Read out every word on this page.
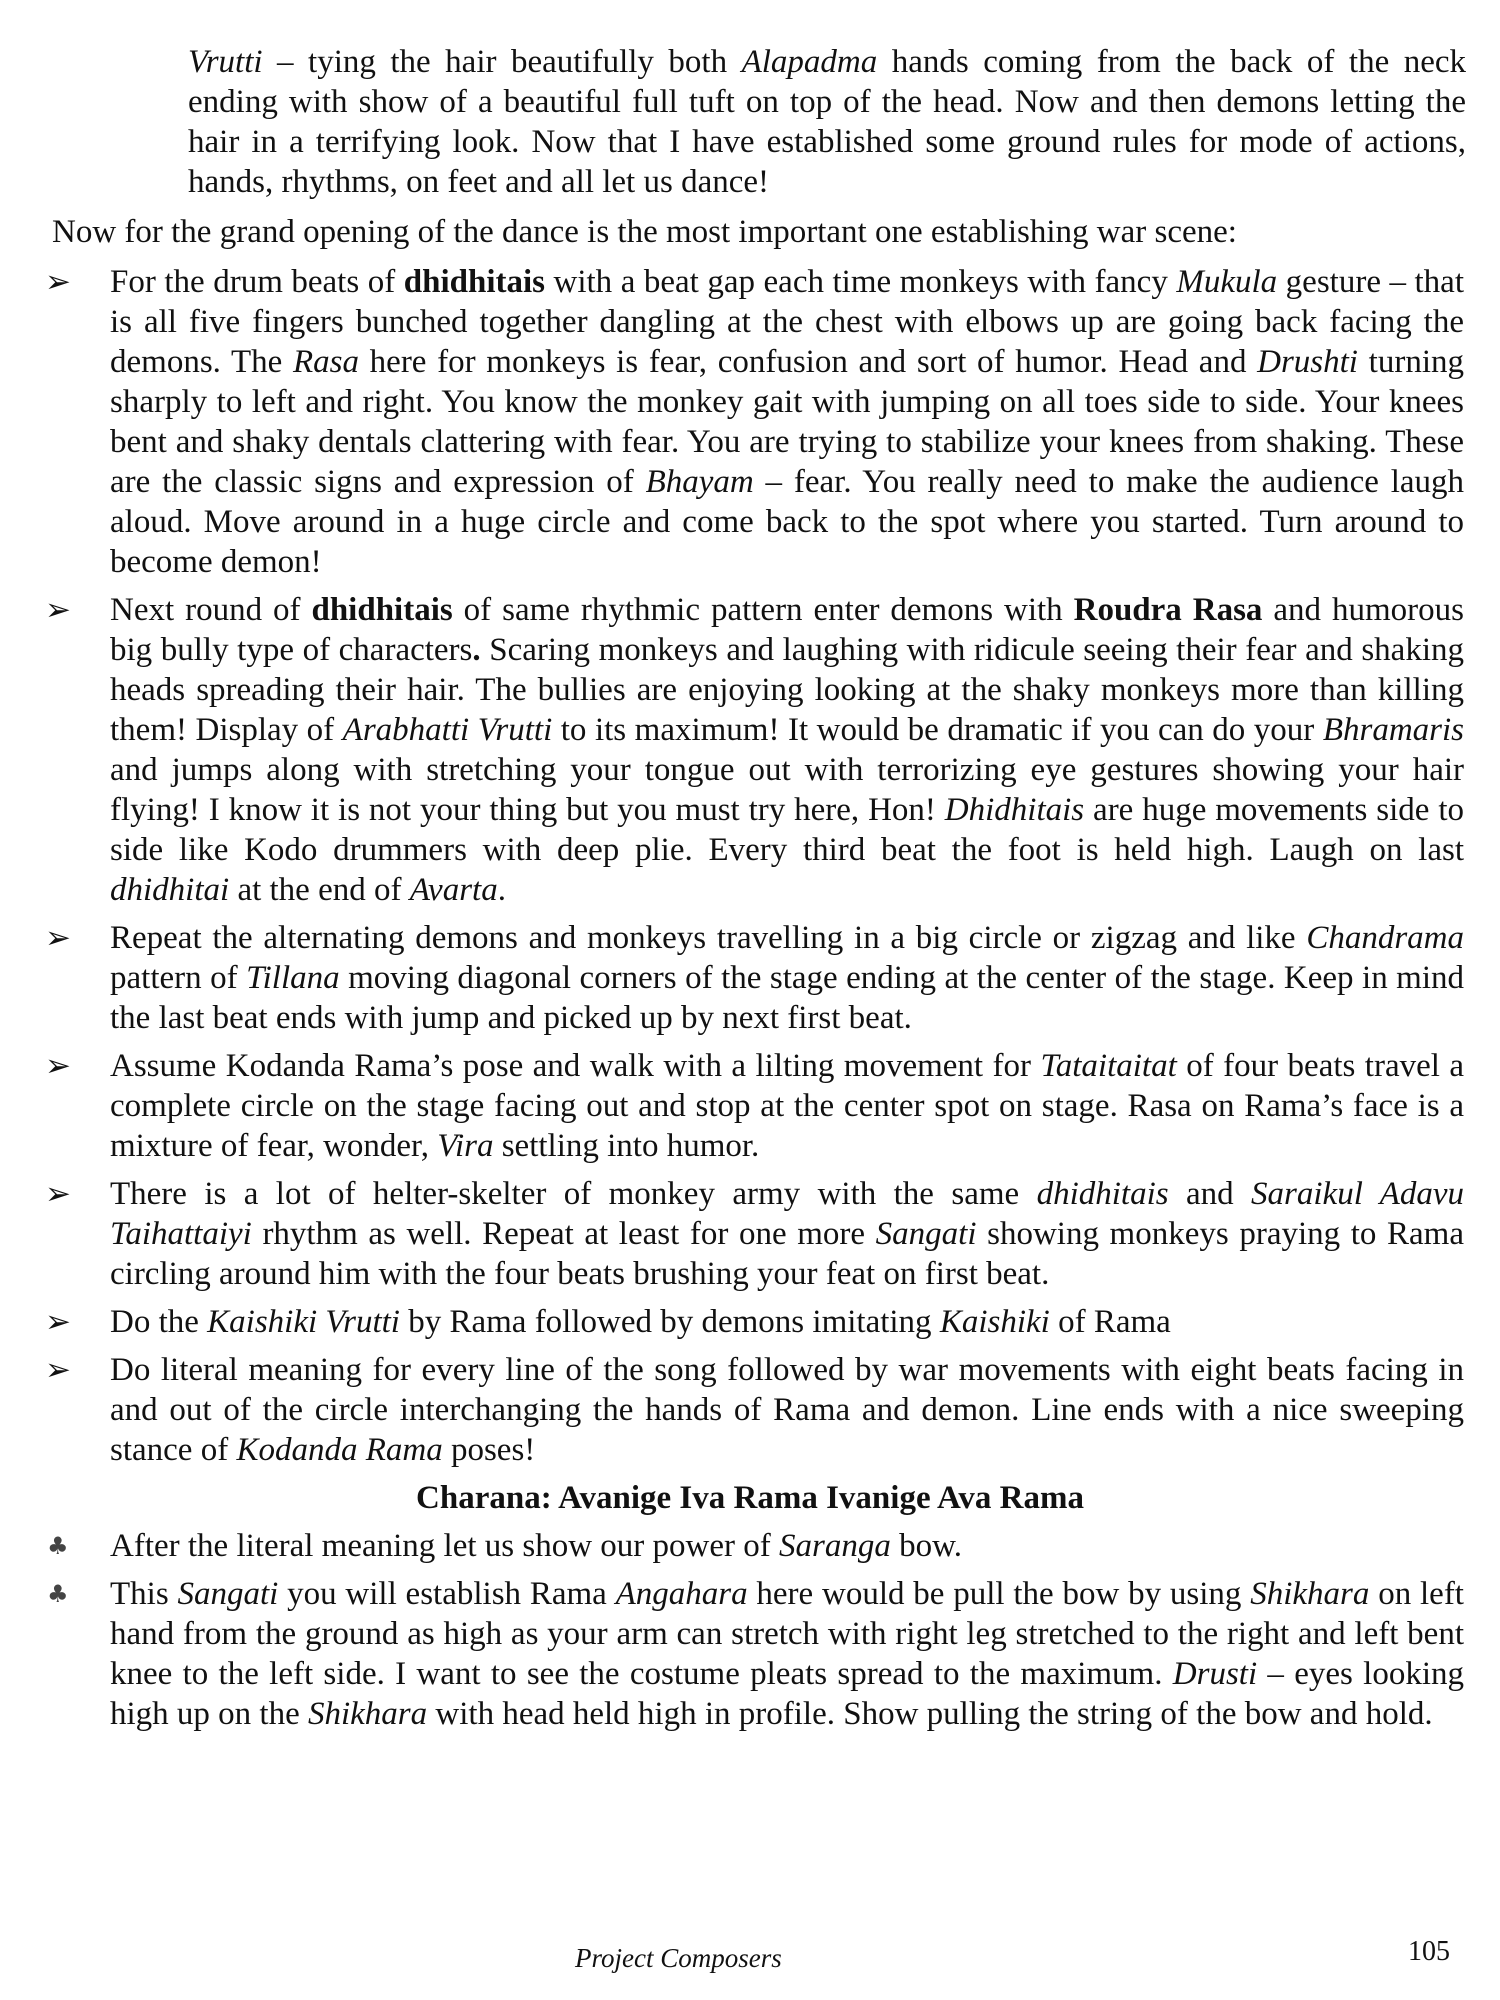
Vrutti – tying the hair beautifully both Alapadma hands coming from the back of the neck ending with show of a beautiful full tuft on top of the head. Now and then demons letting the hair in a terrifying look. Now that I have established some ground rules for mode of actions, hands, rhythms, on feet and all let us dance!

Now for the grand opening of the dance is the most important one establishing war scene:

➢	For the drum beats of dhidhitais with a beat gap each time monkeys with fancy Mukula gesture – that is all five fingers bunched together dangling at the chest with elbows up are going back facing the demons. The Rasa here for monkeys is fear, confusion and sort of humor. Head and Drushti turning sharply to left and right. You know the monkey gait with jumping on all toes side to side. Your knees bent and shaky dentals clattering with fear. You are trying to stabilize your knees from shaking. These are the classic signs and expression of Bhayam – fear. You really need to make the audience laugh aloud. Move around in a huge circle and come back to the spot where you started. Turn around to become demon!
➢	Next round of dhidhitais of same rhythmic pattern enter demons with Roudra Rasa and humorous big bully type of characters. Scaring monkeys and laughing with ridicule seeing their fear and shaking heads spreading their hair. The bullies are enjoying looking at the shaky monkeys more than killing them! Display of Arabhatti Vrutti to its maximum! It would be dramatic if you can do your Bhramaris and jumps along with stretching your tongue out with terrorizing eye gestures showing your hair flying! I know it is not your thing but you must try here, Hon! Dhidhitais are huge movements side to side like Kodo drummers with deep plie. Every third beat the foot is held high. Laugh on last dhidhitai at the end of Avarta.
➢	Repeat the alternating demons and monkeys travelling in a big circle or zigzag and like Chandrama pattern of Tillana moving diagonal corners of the stage ending at the center of the stage. Keep in mind the last beat ends with jump and picked up by next first beat.
➢	Assume Kodanda Rama’s pose and walk with a lilting movement for Tataitaitat of four beats travel a complete circle on the stage facing out and stop at the center spot on stage. Rasa on Rama’s face is a mixture of fear, wonder, Vira settling into humor.
➢	There is a lot of helter-skelter of monkey army with the same dhidhitais and Saraikul Adavu Taihattaiyi rhythm as well. Repeat at least for one more Sangati showing monkeys praying to Rama circling around him with the four beats brushing your feat on first beat.
➢	Do the Kaishiki Vrutti by Rama followed by demons imitating Kaishiki of Rama
➢	Do literal meaning for every line of the song followed by war movements with eight beats facing in and out of the circle interchanging the hands of Rama and demon. Line ends with a nice sweeping stance of Kodanda Rama poses!
Charana: Avanige Iva Rama Ivanige Ava Rama
♣	After the literal meaning let us show our power of Saranga bow.
♣	This Sangati you will establish Rama Angahara here would be pull the bow by using Shikhara on left hand from the ground as high as your arm can stretch with right leg stretched to the right and left bent knee to the left side. I want to see the costume pleats spread to the maximum. Drusti – eyes looking high up on the Shikhara with head held high in profile. Show pulling the string of the bow and hold.
Project Composers	105
